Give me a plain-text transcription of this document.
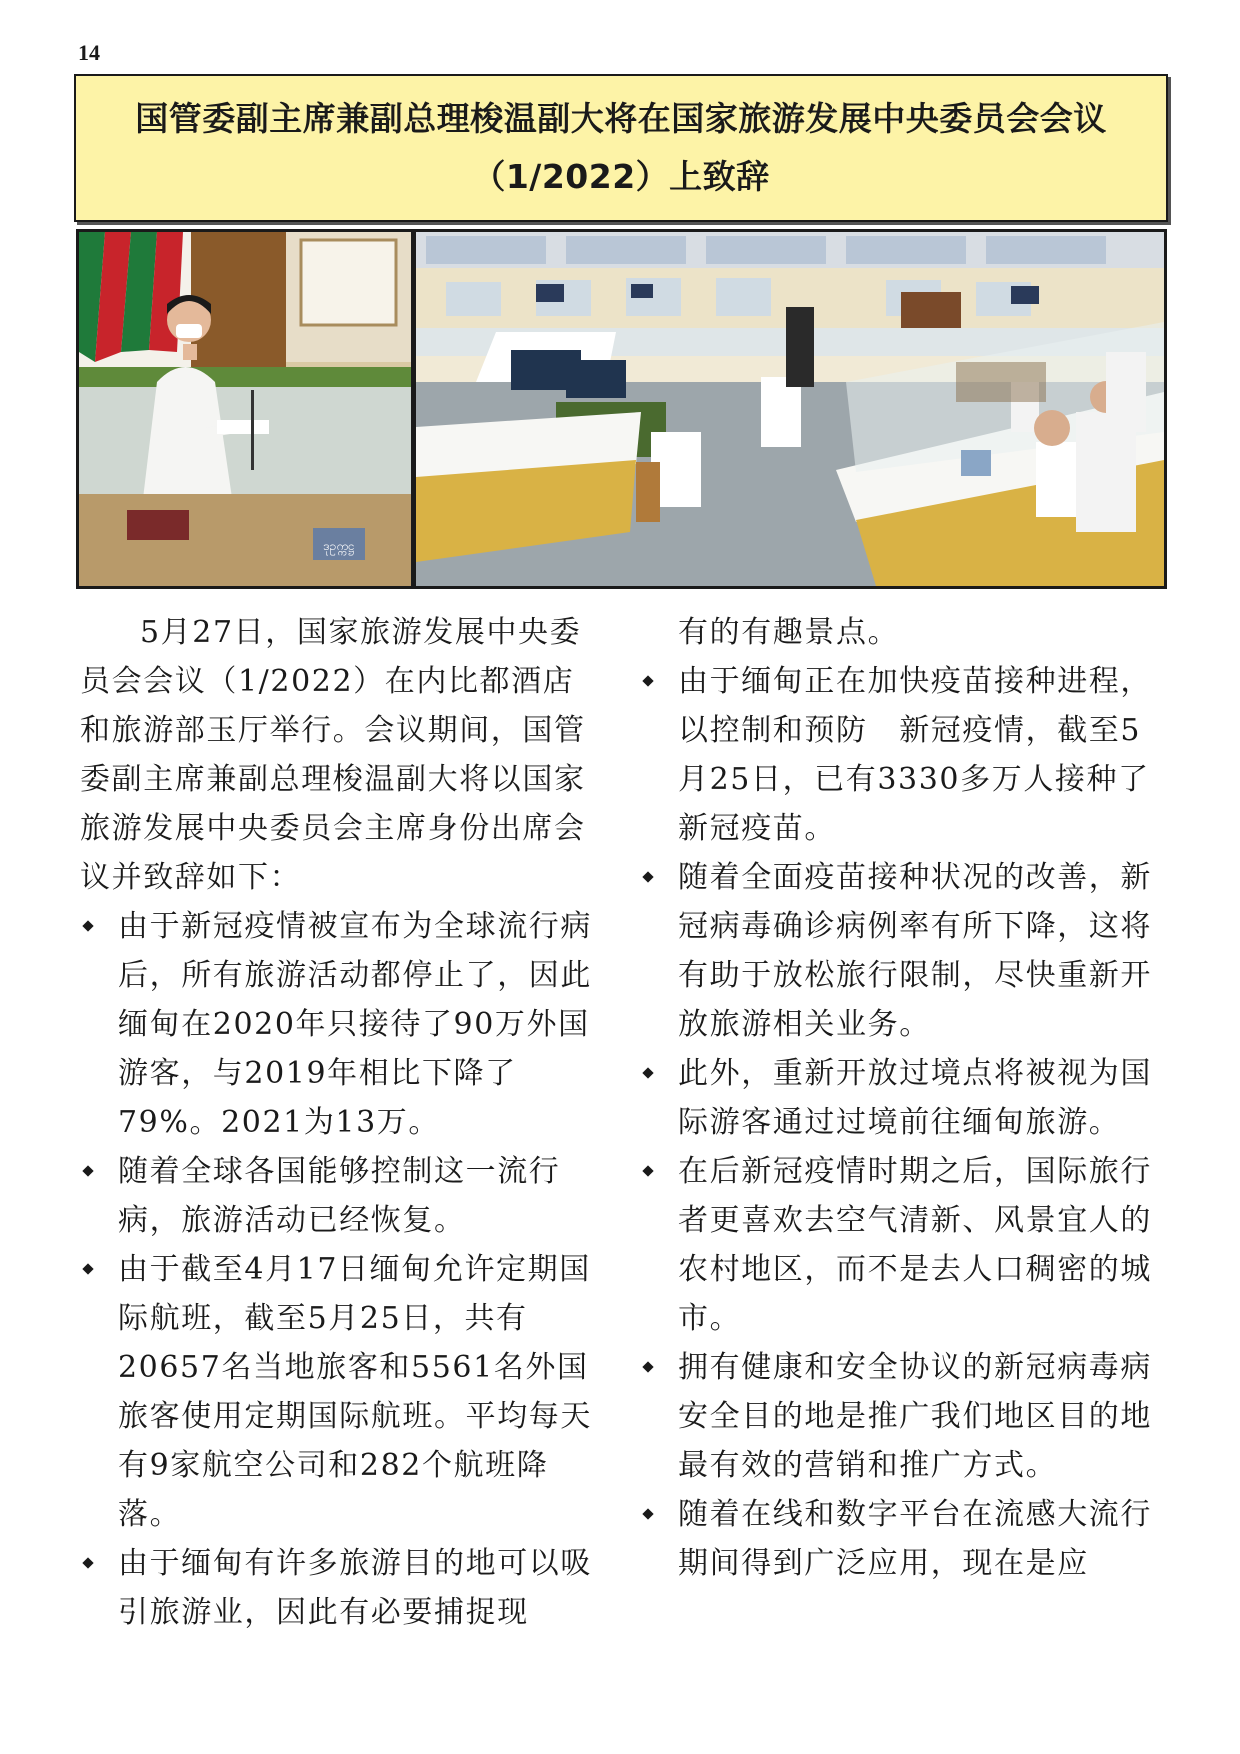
14
国管委副主席兼副总理梭温副大将在国家旅游发展中央委员会会议（1/2022）上致辞
ဒုဥက္ကဋ္ဌ

5月27日，国家旅游发展中央委员会会议（1/2022）在内比都酒店和旅游部玉厅举行。会议期间，国管委副主席兼副总理梭温副大将以国家旅游发展中央委员会主席身份出席会议并致辞如下：

由于新冠疫情被宣布为全球流行病后，所有旅游活动都停止了，因此缅甸在2020年只接待了90万外国游客，与2019年相比下降了79%。2021为13万。
随着全球各国能够控制这一流行病，旅游活动已经恢复。
由于截至4月17日缅甸允许定期国际航班，截至5月25日，共有20657名当地旅客和5561名外国旅客使用定期国际航班。平均每天有9家航空公司和282个航班降落。
由于缅甸有许多旅游目的地可以吸引旅游业，因此有必要捕捉现

有的有趣景点。

由于缅甸正在加快疫苗接种进程，以控制和预防　新冠疫情，截至5月25日，已有3330多万人接种了新冠疫苗。
随着全面疫苗接种状况的改善，新冠病毒确诊病例率有所下降，这将有助于放松旅行限制，尽快重新开放旅游相关业务。
此外，重新开放过境点将被视为国际游客通过过境前往缅甸旅游。
在后新冠疫情时期之后，国际旅行者更喜欢去空气清新、风景宜人的农村地区，而不是去人口稠密的城市。
拥有健康和安全协议的新冠病毒病安全目的地是推广我们地区目的地最有效的营销和推广方式。
随着在线和数字平台在流感大流行期间得到广泛应用，现在是应
